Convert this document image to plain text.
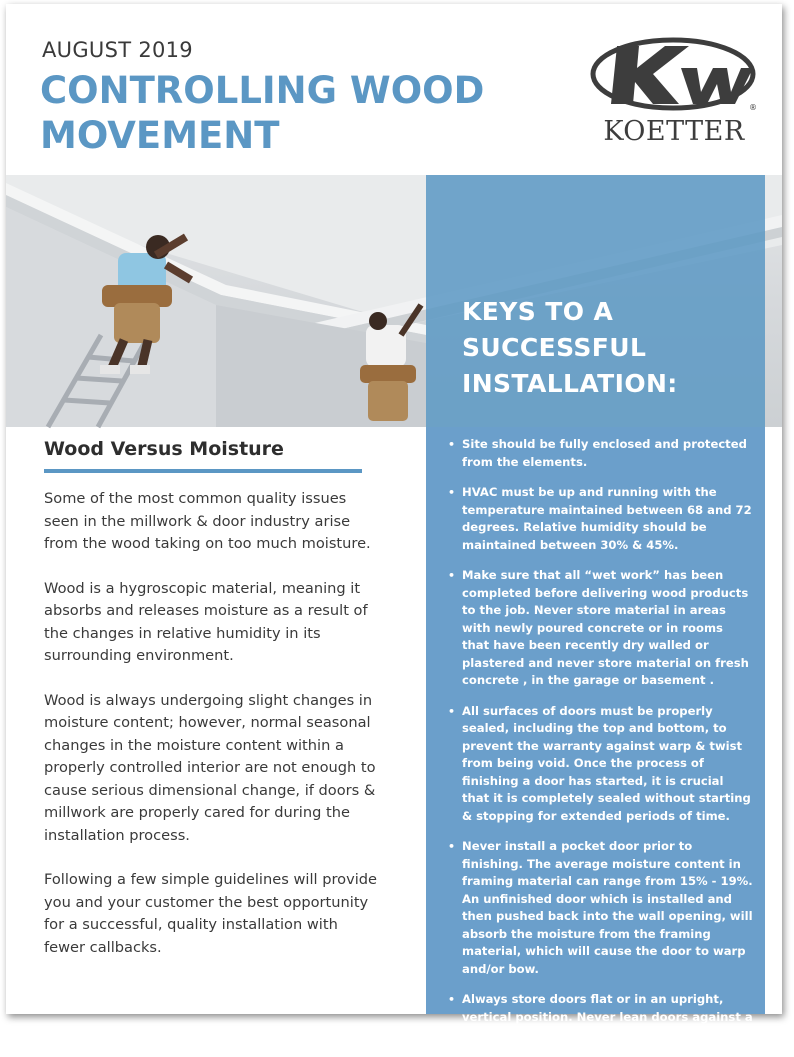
AUGUST 2019
CONTROLLING WOOD
MOVEMENT
®
KOETTER
KEYS TO A
SUCCESSFUL
INSTALLATION:
• Site should be fully enclosed and protected from the elements.
• HVAC must be up and running with the temperature maintained between 68 and 72 degrees. Relative humidity should be maintained between 30% & 45%.
• Make sure that all “wet work” has been completed before delivering wood products to the job. Never store material in areas with newly poured concrete or in rooms that have been recently dry walled or plastered and never store material on fresh concrete , in the garage or basement .
• All surfaces of doors must be properly sealed, including the top and bottom, to prevent the warranty against warp & twist from being void. Once the process of finishing a door has started, it is crucial that it is completely sealed without starting & stopping for extended periods of time.
• Never install a pocket door prior to finishing. The average moisture content in framing material can range from 15% - 19%. An unfinished door which is installed and then pushed back into the wall opening, will absorb the moisture from the framing material, which will cause the door to warp and/or bow.
• Always store doors flat or in an upright, vertical position. Never lean doors against a wall.
Wood Versus Moisture

Some of the most common quality issues seen in the millwork & door industry arise from the wood taking on too much moisture.

Wood is a hygroscopic material, meaning it absorbs and releases moisture as a result of the changes in relative humidity in its surrounding environment.

Wood is always undergoing slight changes in moisture content; however, normal seasonal changes in the moisture content within a properly controlled interior are not enough to cause serious dimensional change, if doors & millwork are properly cared for during the installation process.

Following a few simple guidelines will provide you and your customer the best opportunity for a successful, quality installation with fewer callbacks.
